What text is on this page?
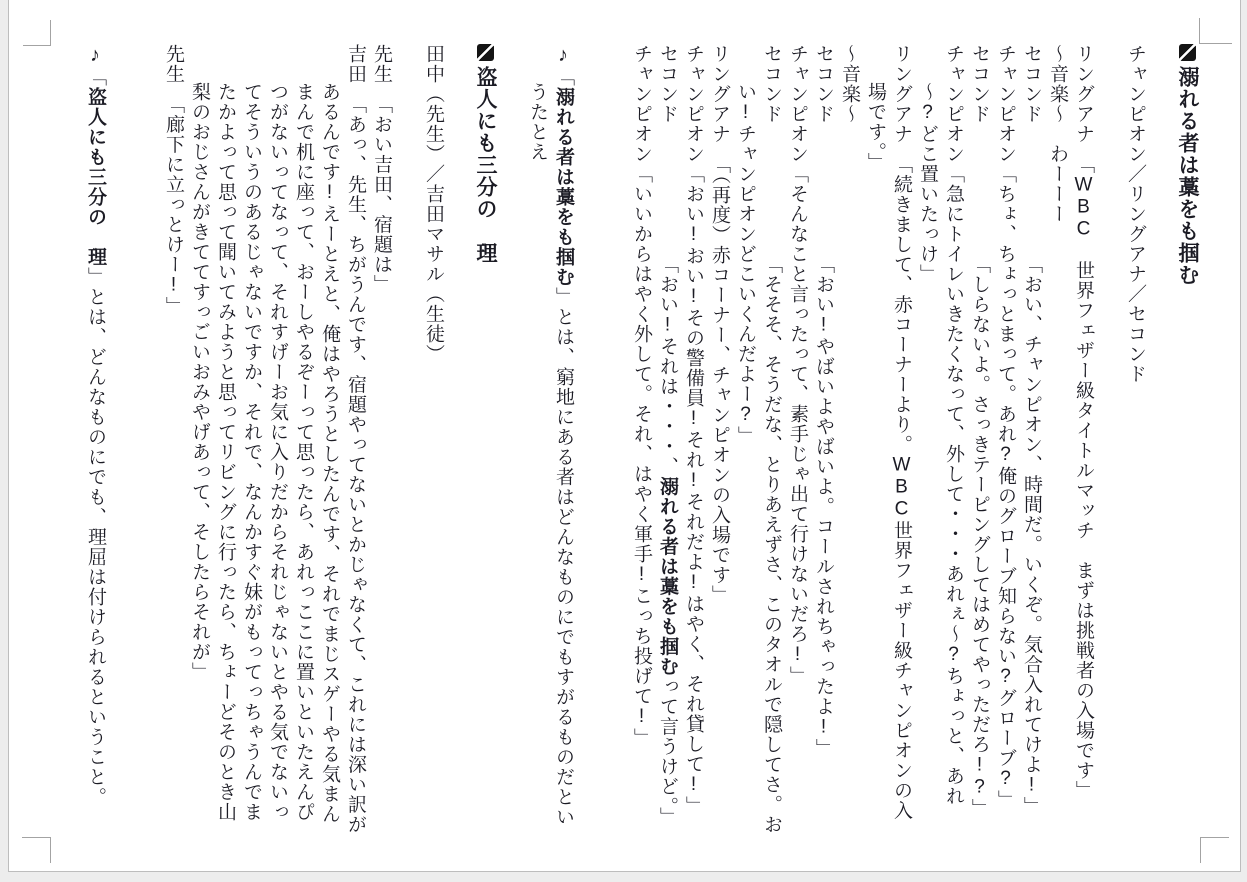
溺れる者は藁をも掴む

チャンピオン／リングアナ／セコンド

リングアナ　「WBC　世界フェザー級タイトルマッチ　まずは挑戦者の入場です」

～音楽～　わーーー

セコンド　　　　　　　「おい、チャンピオン、時間だ。いくぞ。気合入れてけよ!」

チャンピオン「ちょ、ちょっとまって。あれ?俺のグローブ知らない?グローブ?」

セコンド　　　　　　　「しらないよ。さっきテーピングしてはめてやっただろ!?」

チャンピオン「急にトイレいきたくなって、外して・・・あれぇ～?ちょっと、あれ～?どこ置いたっけ」

リングアナ　「続きまして、赤コーナーより。WBC世界フェザー級チャンピオンの入場です。」

～音楽～

セコンド　　　　　　　「おい!やばいよやばいよ。コールされちゃったよ!」

チャンピオン「そんなこと言ったって、素手じゃ出て行けないだろ!」

セコンド　　　　　　　「そそそ、そうだな、とりあえずさ、このタオルで隠してさ。おい!チャンピオンどこいくんだよー?」

リングアナ　「（再度）赤コーナー、チャンピオンの入場です」

チャンピオン「おい!おい!その警備員!それ!それだよ!はやく、それ貸して!」

セコンド　　　　　　　「おい!それは・・・、溺れる者は藁をも掴むって言うけど。」

チャンピオン「いいからはやく外して。それ、はやく軍手!こっち投げて!」

♪「溺れる者は藁をも掴む」とは、窮地にある者はどんなものにでもすがるものだというたとえ

盗人にも三分の　理

田中（先生）／吉田マサル（生徒）

先生　「おい吉田、宿題は」

吉田　「あっ、先生、ちがうんです、宿題やってないとかじゃなくて、これには深い訳があるんです!えーとえと、俺はやろうとしたんです、それでまじスゲーやる気まんまんで机に座って、おーしやるぞーって思ったら、あれっここに置いといたえんぴつがないってなって、それすげーお気に入りだからそれじゃないとやる気でないってそういうのあるじゃないですか、それで、なんかすぐ妹がもってっちゃうんでまたかよって思って聞いてみようと思ってリビングに行ったら、ちょーどそのとき山梨のおじさんがきててすっごいおみやげあって、そしたらそれが」

先生　「廊下に立っとけー!」

♪「盗人にも三分の　理」とは、どんなものにでも、理屈は付けられるということ。
